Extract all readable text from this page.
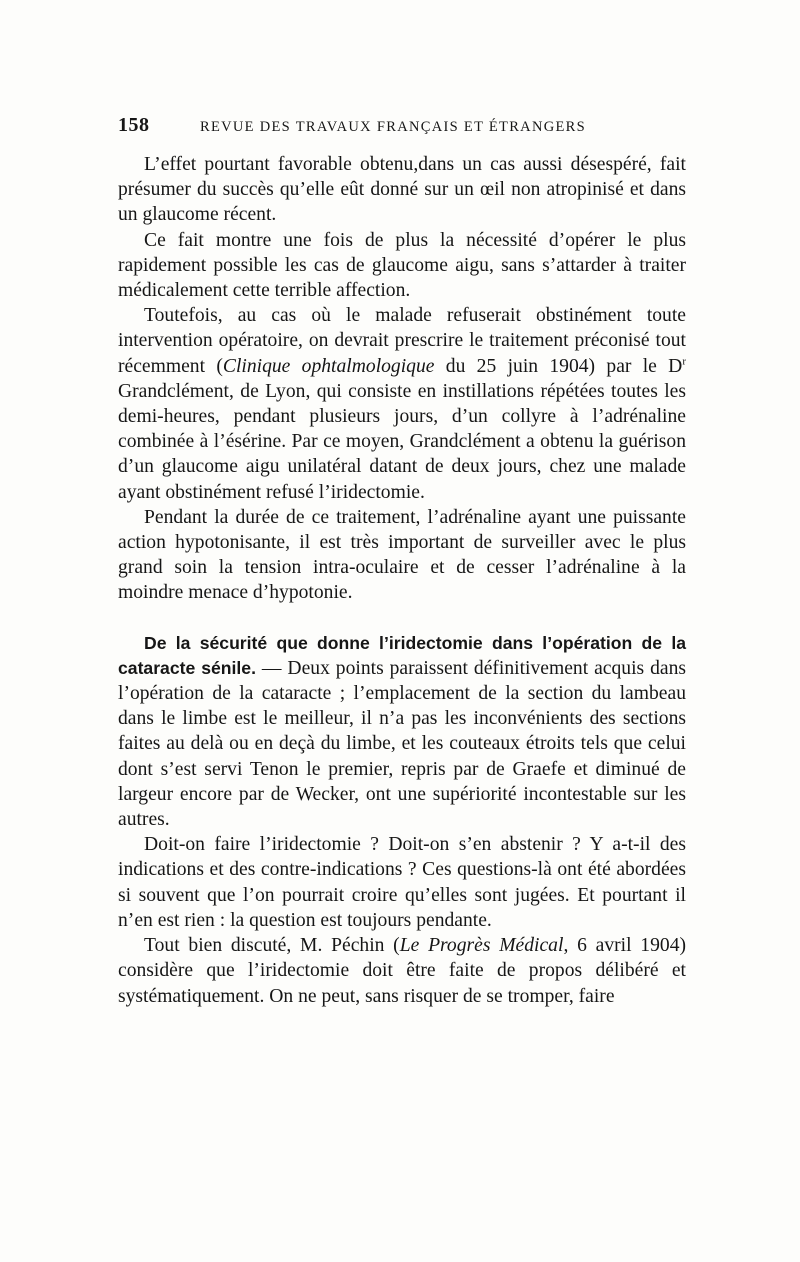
158	REVUE DES TRAVAUX FRANÇAIS ET ÉTRANGERS

L’effet pourtant favorable obtenu,dans un cas aussi désespéré, fait présumer du succès qu’elle eût donné sur un œil non atropinisé et dans un glaucome récent.

Ce fait montre une fois de plus la nécessité d’opérer le plus rapidement possible les cas de glaucome aigu, sans s’attarder à traiter médicalement cette terrible affection.

Toutefois, au cas où le malade refuserait obstinément toute intervention opératoire, on devrait prescrire le traitement préconisé tout récemment (Clinique ophtalmologique du 25 juin 1904) par le $D^r$ Grandclément, de Lyon, qui consiste en instillations répétées toutes les demi-heures, pendant plusieurs jours, d’un collyre à l’adrénaline combinée à l’ésérine. Par ce moyen, Grandclément a obtenu la guérison d’un glaucome aigu unilatéral datant de deux jours, chez une malade ayant obstinément refusé l’iridectomie.

Pendant la durée de ce traitement, l’adrénaline ayant une puissante action hypotonisante, il est très important de surveiller avec le plus grand soin la tension intra-oculaire et de cesser l’adrénaline à la moindre menace d’hypotonie.

De la sécurité que donne l’iridectomie dans l’opération de la cataracte sénile. — Deux points paraissent définitivement acquis dans l’opération de la cataracte ; l’emplacement de la section du lambeau dans le limbe est le meilleur, il n’a pas les inconvénients des sections faites au delà ou en deçà du limbe, et les couteaux étroits tels que celui dont s’est servi Tenon le premier, repris par de Graefe et diminué de largeur encore par de Wecker, ont une supériorité incontestable sur les autres.

Doit-on faire l’iridectomie ? Doit-on s’en abstenir ? Y a-t-il des indications et des contre-indications ? Ces questions-là ont été abordées si souvent que l’on pourrait croire qu’elles sont jugées. Et pourtant il n’en est rien : la question est toujours pendante.

Tout bien discuté, M. Péchin (Le Progrès Médical, 6 avril 1904) considère que l’iridectomie doit être faite de propos délibéré et systématiquement. On ne peut, sans risquer de se tromper, faire
